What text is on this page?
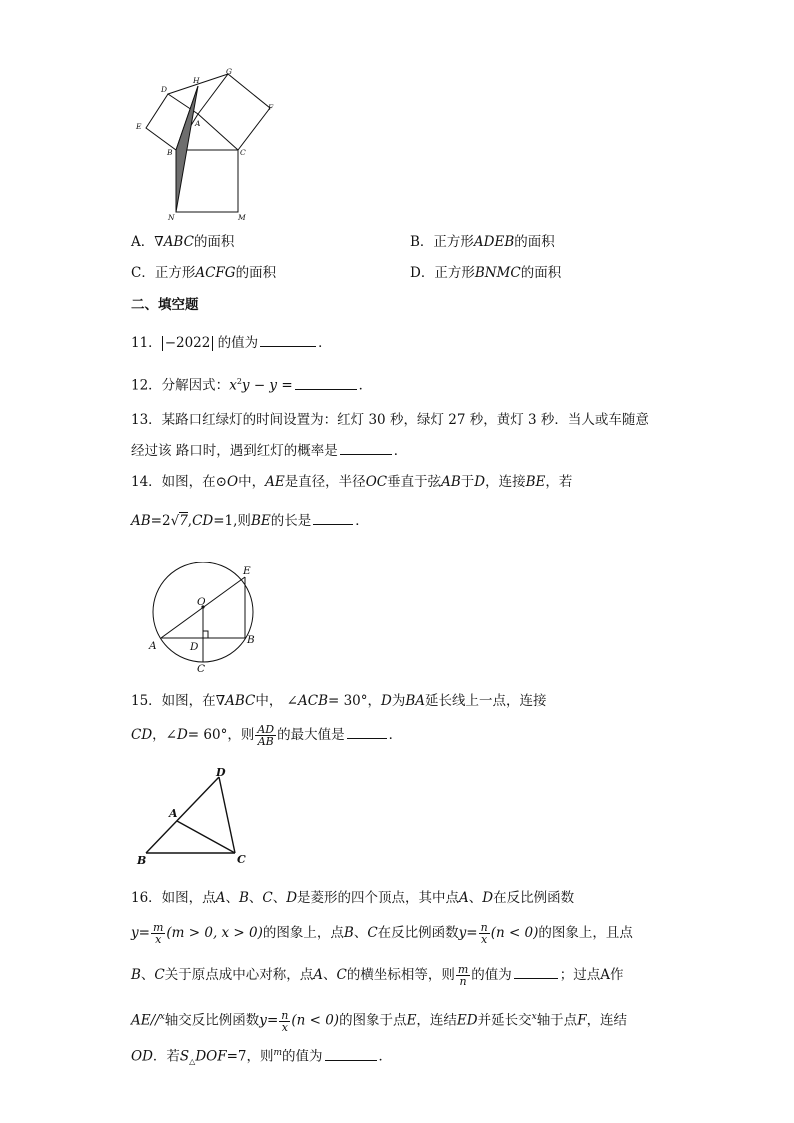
D
H
G
F
E	A
B	C
N	M
A．∇ABC的面积	B．正方形ADEB的面积
C．正方形ACFG的面积	D．正方形BNMC的面积
二、填空题
11． −2022 的值为	．
12．分解因式：$x^2y - y$ =	．
13．某路口红绿灯的时间设置为：红灯 30 秒，绿灯 27 秒，黄灯 3 秒．当人或车随意
经过该 路口时，遇到红灯的概率是	．
14．如图，在⊙O中，AE是直径，半径OC垂直于弦AB于D，连接BE，若
AB=2√7,CD=1,则BE的长是	．
E
O
A	D
B
C
15．如图，在∇ABC中， ∠ACB= 30°，D为BA延长线上一点，连接
CD，∠D= 60°，则 $\frac{AD}{AB}$ 的最大值是	．
D
A
B	C
16．如图，点A、B、C、D是菱形的四个顶点，其中点A、D在反比例函数
$y= \frac{m}{x} (m > 0$, x > 0)的图象上，点B、C在反比例函数$y= \frac{n}{x} (n < 0)$的图象上，且点
B、C关于原点成中心对称，点A、C的横坐标相等，则 $\frac{m}{n}$ 的值为	；过点A作
AE//$^x$轴交反比例函数$y= \frac{n}{x} (n < 0)$的图象于点E，连结ED并延长交$^x$轴于点F，连结
OD．若$S_\triangle DOF=7$，则$^m$的值为	．
